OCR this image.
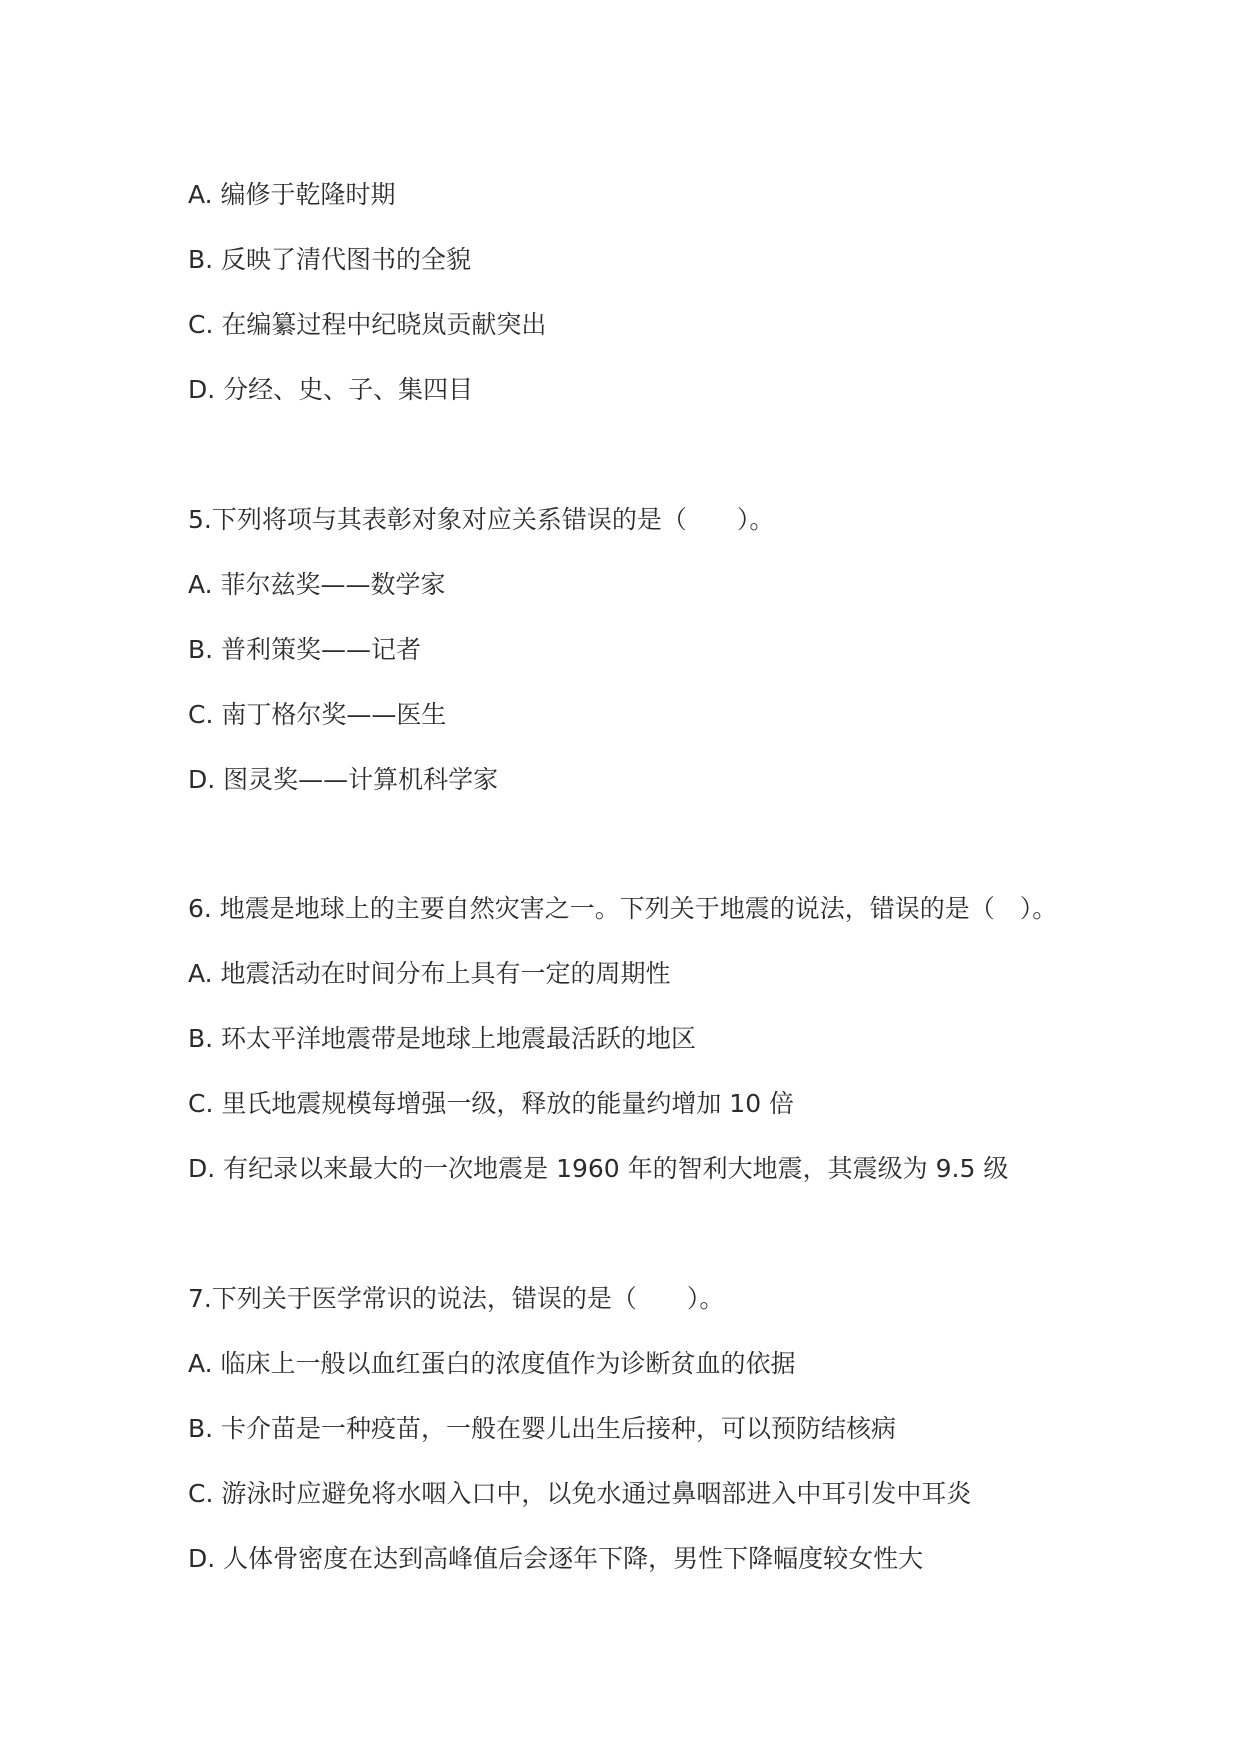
A. 编修于乾隆时期
B. 反映了清代图书的全貌
C. 在编纂过程中纪晓岚贡献突出
D. 分经、史、子、集四目
5.下列将项与其表彰对象对应关系错误的是（　　）。
A. 菲尔兹奖——数学家
B. 普利策奖——记者
C. 南丁格尔奖——医生
D. 图灵奖——计算机科学家
6. 地震是地球上的主要自然灾害之一。下列关于地震的说法，错误的是（　）。
A. 地震活动在时间分布上具有一定的周期性
B. 环太平洋地震带是地球上地震最活跃的地区
C. 里氏地震规模每增强一级，释放的能量约增加 10 倍
D. 有纪录以来最大的一次地震是 1960 年的智利大地震，其震级为 9.5 级
7.下列关于医学常识的说法，错误的是（　　）。
A. 临床上一般以血红蛋白的浓度值作为诊断贫血的依据
B. 卡介苗是一种疫苗，一般在婴儿出生后接种，可以预防结核病
C. 游泳时应避免将水咽入口中，以免水通过鼻咽部进入中耳引发中耳炎
D. 人体骨密度在达到高峰值后会逐年下降，男性下降幅度较女性大
